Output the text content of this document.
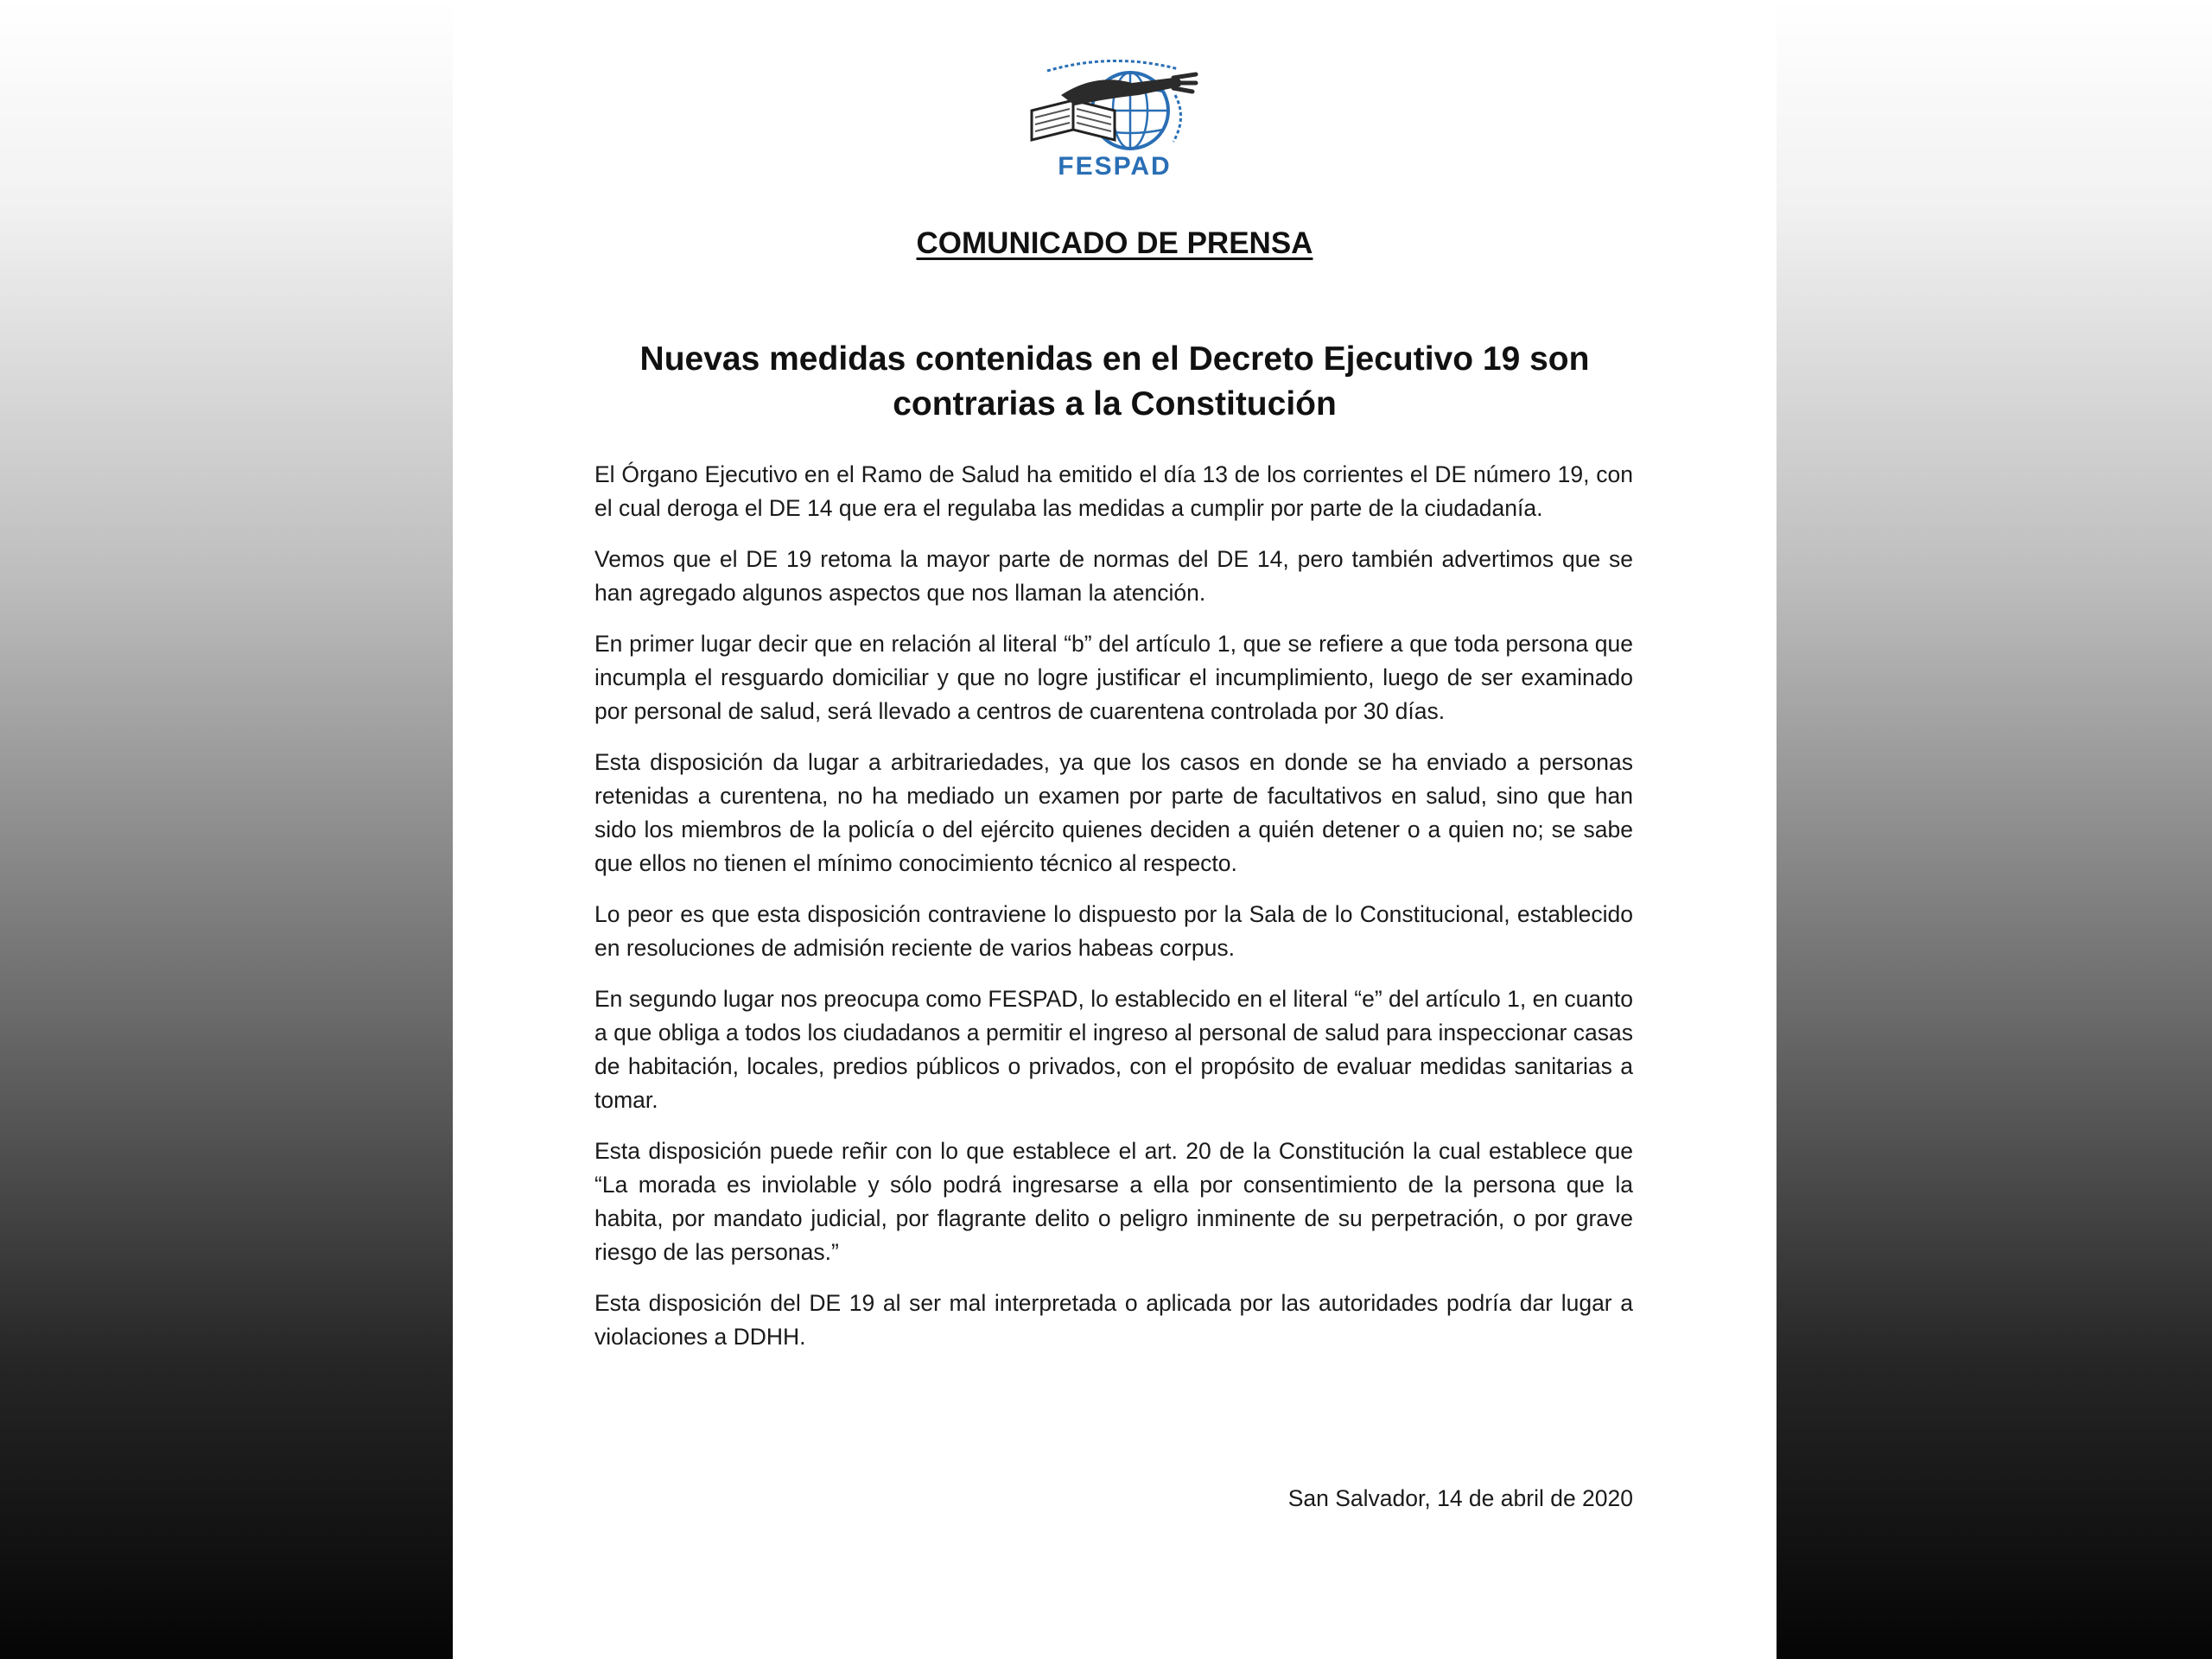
FESPAD
COMUNICADO DE PRENSA
Nuevas medidas contenidas en el Decreto Ejecutivo 19 son contrarias a la Constitución

El Órgano Ejecutivo en el Ramo de Salud ha emitido el día 13 de los corrientes el DE número 19, con el cual deroga el DE 14 que era el regulaba las medidas a cumplir por parte de la ciudadanía.

Vemos que el DE 19 retoma la mayor parte de normas del DE 14, pero también advertimos que se han agregado algunos aspectos que nos llaman la atención.

En primer lugar decir que en relación al literal “b” del artículo 1, que se refiere a que toda persona que incumpla el resguardo domiciliar y que no logre justificar el incumplimiento, luego de ser examinado por personal de salud, será llevado a centros de cuarentena controlada por 30 días.

Esta disposición da lugar a arbitrariedades, ya que los casos en donde se ha enviado a personas retenidas a curentena, no ha mediado un examen por parte de facultativos en salud, sino que han sido los miembros de la policía o del ejército quienes deciden a quién detener o a quien no; se sabe que ellos no tienen el mínimo conocimiento técnico al respecto.

Lo peor es que esta disposición contraviene lo dispuesto por la Sala de lo Constitucional, establecido en resoluciones de admisión reciente de varios habeas corpus.

En segundo lugar nos preocupa como FESPAD, lo establecido en el literal “e” del artículo 1, en cuanto a que obliga a todos los ciudadanos a permitir el ingreso al personal de salud para inspeccionar casas de habitación, locales, predios públicos o privados, con el propósito de evaluar medidas sanitarias a tomar.

Esta disposición puede reñir con lo que establece el art. 20 de la Constitución la cual establece que “La morada es inviolable y sólo podrá ingresarse a ella por consentimiento de la persona que la habita, por mandato judicial, por flagrante delito o peligro inminente de su perpetración, o por grave riesgo de las personas.”

Esta disposición del DE 19 al ser mal interpretada o aplicada por las autoridades podría dar lugar a violaciones a DDHH.

San Salvador, 14 de abril de 2020
